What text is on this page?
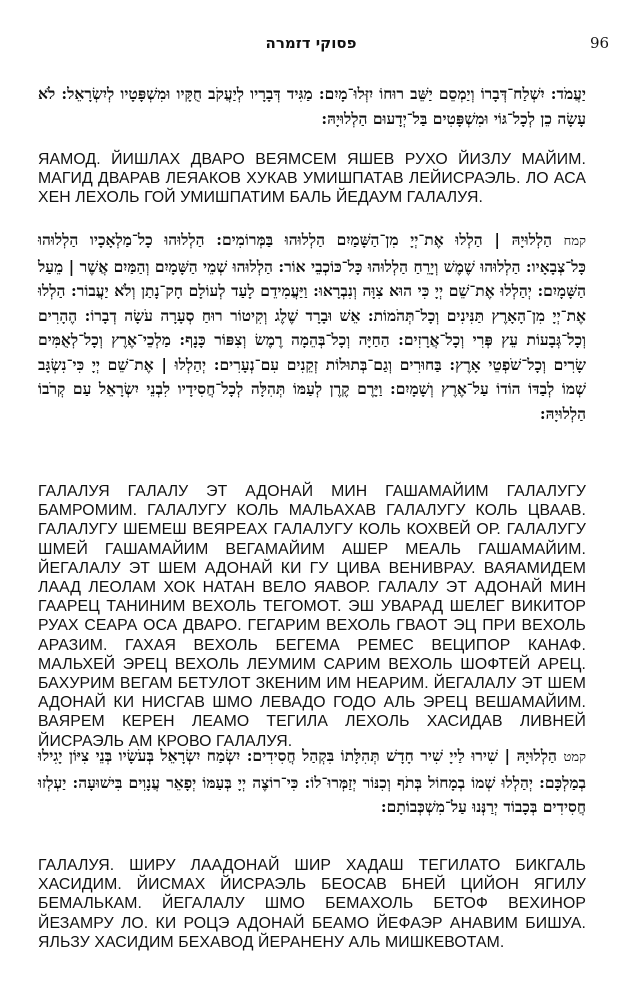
פסוקי דזמרה	96

יַעֲמֹד: יִשְׁלַח־דְּבָרוֹ וְיַמְסֵם יַשֵּׁב רוּחוֹ יִזְּלוּ־מָיִם: מַגִּיד דְּבָרָיו לְיַעֲקֹב חֻקָּיו וּמִשְׁפָּטָיו לְיִשְׂרָאֵל: לֹא עָשָׂה כֵן לְכָל־גּוֹי וּמִשְׁפָּטִים בַּל־יְדָעוּם הַלְלוּיָהּ:

ЯАМОД. ЙИШЛАХ ДВАРО ВЕЯМСЕМ ЯШЕВ РУХО ЙИЗЛУ МАЙИМ. МАГИД ДВАРАВ ЛЕЯАКОВ ХУКАВ УМИШПАТАВ ЛЕЙИСРАЭЛЬ. ЛО АСА ХЕН ЛЕХОЛЬ ГОЙ УМИШПАТИМ БАЛЬ ЙЕДАУМ ГАЛАЛУЯ.

קמח הַלְלוּיָהּ | הַלְלוּ אֶת־יְיָ מִן־הַשָּׁמַיִם הַלְלוּהוּ בַּמְּרוֹמִים: הַלְלוּהוּ כָל־מַלְאָכָיו הַלְלוּהוּ כָּל־צְבָאָיו: הַלְלוּהוּ שֶׁמֶשׁ וְיָרֵחַ הַלְלוּהוּ כָּל־כּוֹכְבֵי אוֹר: הַלְלוּהוּ שְׁמֵי הַשָּׁמָיִם וְהַמַּיִם אֲשֶׁר | מֵעַל הַשָּׁמָיִם: יְהַלְלוּ אֶת־שֵׁם יְיָ כִּי הוּא צִוָּה וְנִבְרָאוּ: וַיַּעֲמִידֵם לָעַד לְעוֹלָם חָק־נָתַן וְלֹא יַעֲבוֹר: הַלְלוּ אֶת־יְיָ מִן־הָאָרֶץ תַּנִּינִים וְכָל־תְּהֹמוֹת: אֵשׁ וּבָרָד שֶׁלֶג וְקִיטוֹר רוּחַ סְעָרָה עֹשָׂה דְבָרוֹ: הֶהָרִים וְכָל־גְּבָעוֹת עֵץ פְּרִי וְכָל־אֲרָזִים: הַחַיָּה וְכָל־בְּהֵמָה רֶמֶשׂ וְצִפּוֹר כָּנָף: מַלְכֵי־אֶרֶץ וְכָל־לְאֻמִּים שָׂרִים וְכָל־שֹׁפְטֵי אָרֶץ: בַּחוּרִים וְגַם־בְּתוּלוֹת זְקֵנִים עִם־נְעָרִים: יְהַלְלוּ | אֶת־שֵׁם יְיָ כִּי־נִשְׂגָּב שְׁמוֹ לְבַדּוֹ הוֹדוֹ עַל־אֶרֶץ וְשָׁמָיִם: וַיָּרֶם קֶרֶן לְעַמּוֹ תְּהִלָּה לְכָל־חֲסִידָיו לִבְנֵי יִשְׂרָאֵל עַם קְרֹבוֹ הַלְלוּיָהּ:

ГАЛАЛУЯ ГАЛАЛУ ЭТ АДОНАЙ МИН ГАШАМАЙИМ ГАЛАЛУГУ БАМРОМИМ. ГАЛАЛУГУ КОЛЬ МАЛЬАХАВ ГАЛАЛУГУ КОЛЬ ЦВААВ. ГАЛАЛУГУ ШЕМЕШ ВЕЯРЕАХ ГАЛАЛУГУ КОЛЬ КОХВЕЙ ОР. ГАЛАЛУГУ ШМЕЙ ГАШАМАЙИМ ВЕГАМАЙИМ АШЕР МЕАЛЬ ГАШАМАЙИМ. ЙЕГАЛАЛУ ЭТ ШЕМ АДОНАЙ КИ ГУ ЦИВА ВЕНИВРАУ. ВАЯАМИДЕМ ЛААД ЛЕОЛАМ ХОК НАТАН ВЕЛО ЯАВОР. ГАЛАЛУ ЭТ АДОНАЙ МИН ГААРЕЦ ТАНИНИМ ВЕХОЛЬ ТЕГОМОТ. ЭШ УВАРАД ШЕЛЕГ ВИКИТОР РУАХ СЕАРА ОСА ДВАРО. ГЕГАРИМ ВЕХОЛЬ ГВАОТ ЭЦ ПРИ ВЕХОЛЬ АРАЗИМ. ГАХАЯ ВЕХОЛЬ БЕГЕМА РЕМЕС ВЕЦИПОР КАНАФ. МАЛЬХЕЙ ЭРЕЦ ВЕХОЛЬ ЛЕУМИМ САРИМ ВЕХОЛЬ ШОФТЕЙ АРЕЦ. БАХУРИМ ВЕГАМ БЕТУЛОТ ЗКЕНИМ ИМ НЕАРИМ. ЙЕГАЛАЛУ ЭТ ШЕМ АДОНАЙ КИ НИСГАВ ШМО ЛЕВАДО ГОДО АЛЬ ЭРЕЦ ВЕШАМАЙИМ. ВАЯРЕМ КЕРЕН ЛЕАМО ТЕГИЛА ЛЕХОЛЬ ХАСИДАВ ЛИВНЕЙ ЙИСРАЭЛЬ АМ КРОВО ГАЛАЛУЯ.

קמט הַלְלוּיָהּ | שִׁירוּ לַייָ שִׁיר חָדָשׁ תְּהִלָּתוֹ בִּקְהַל חֲסִידִים: יִשְׂמַח יִשְׂרָאֵל בְּעֹשָׂיו בְּנֵי צִיּוֹן יָגִילוּ בְמַלְכָּם: יְהַלְלוּ שְׁמוֹ בְמָחוֹל בְּתֹף וְכִנּוֹר יְזַמְּרוּ־לוֹ: כִּי־רוֹצֶה יְיָ בְּעַמּוֹ יְפָאֵר עֲנָוִים בִּישׁוּעָה: יַעְלְזוּ חֲסִידִים בְּכָבוֹד יְרַנְּנוּ עַל־מִשְׁכְּבוֹתָם:

ГАЛАЛУЯ. ШИРУ ЛААДОНАЙ ШИР ХАДАШ ТЕГИЛАТО БИКГАЛЬ ХАСИДИМ. ЙИСМАХ ЙИСРАЭЛЬ БЕОСАВ БНЕЙ ЦИЙОН ЯГИЛУ БЕМАЛЬКАМ. ЙЕГАЛАЛУ ШМО БЕМАХОЛЬ БЕТОФ ВЕХИНОР ЙЕЗАМРУ ЛО. КИ РОЦЭ АДОНАЙ БЕАМО ЙЕФАЭР АНАВИМ БИШУА. ЯЛЬЗУ ХАСИДИМ БЕХАВОД ЙЕРАНЕНУ АЛЬ МИШКЕВОТАМ.
